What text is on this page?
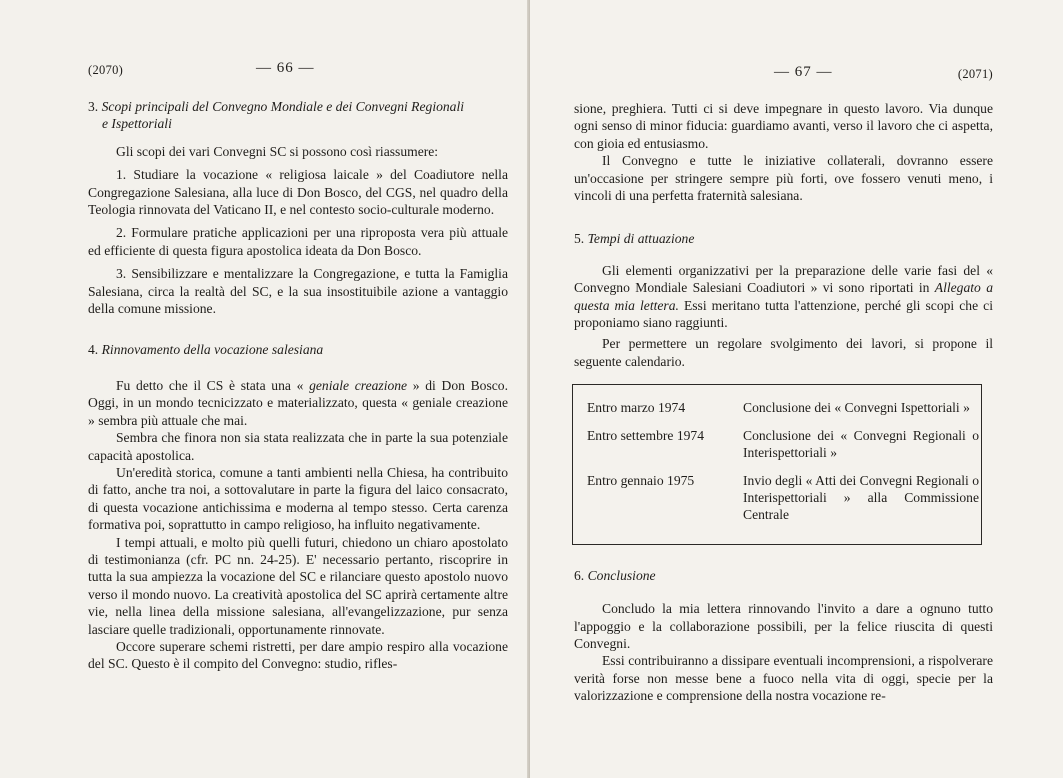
(2070)	— 66 —
3. Scopi principali del Convegno Mondiale e dei Convegni Regionali
e Ispettoriali

Gli scopi dei vari Convegni SC si possono così riassumere:

1. Studiare la vocazione « religiosa laicale » del Coadiutore nella Congregazione Salesiana, alla luce di Don Bosco, del CGS, nel quadro della Teologia rinnovata del Vaticano II, e nel contesto socio-culturale moderno.

2. Formulare pratiche applicazioni per una riproposta vera più attuale ed efficiente di questa figura apostolica ideata da Don Bosco.

3. Sensibilizzare e mentalizzare la Congregazione, e tutta la Famiglia Salesiana, circa la realtà del SC, e la sua insostituibile azione a vantaggio della comune missione.

4. Rinnovamento della vocazione salesiana

Fu detto che il CS è stata una « geniale creazione » di Don Bosco. Oggi, in un mondo tecnicizzato e materializzato, questa « geniale creazione » sembra più attuale che mai.

Sembra che finora non sia stata realizzata che in parte la sua potenziale capacità apostolica.

Un'eredità storica, comune a tanti ambienti nella Chiesa, ha contribuito di fatto, anche tra noi, a sottovalutare in parte la figura del laico consacrato, di questa vocazione antichissima e moderna al tempo stesso. Certa carenza formativa poi, soprattutto in campo religioso, ha influito negativamente.

I tempi attuali, e molto più quelli futuri, chiedono un chiaro apostolato di testimonianza (cfr. PC nn. 24-25). E' necessario pertanto, riscoprire in tutta la sua ampiezza la vocazione del SC e rilanciare questo apostolo nuovo verso il mondo nuovo. La creatività apostolica del SC aprirà certamente altre vie, nella linea della missione salesiana, all'evangelizzazione, pur senza lasciare quelle tradizionali, opportunamente rinnovate.

Occore superare schemi ristretti, per dare ampio respiro alla vocazione del SC. Questo è il compito del Convegno: studio, rifles-

— 67 —	(2071)

sione, preghiera. Tutti ci si deve impegnare in questo lavoro. Via dunque ogni senso di minor fiducia: guardiamo avanti, verso il lavoro che ci aspetta, con gioia ed entusiasmo.

Il Convegno e tutte le iniziative collaterali, dovranno essere un'occasione per stringere sempre più forti, ove fossero venuti meno, i vincoli di una perfetta fraternità salesiana.

5. Tempi di attuazione

Gli elementi organizzativi per la preparazione delle varie fasi del « Convegno Mondiale Salesiani Coadiutori » vi sono riportati in Allegato a questa mia lettera. Essi meritano tutta l'attenzione, perché gli scopi che ci proponiamo siano raggiunti.

Per permettere un regolare svolgimento dei lavori, si propone il seguente calendario.

Entro marzo 1974	Conclusione dei « Convegni Ispettoriali »
Entro settembre 1974	Conclusione dei « Convegni Regionali o Interispettoriali »
Entro gennaio 1975	Invio degli « Atti dei Convegni Regionali o Interispettoriali » alla Commissione Centrale
6. Conclusione

Concludo la mia lettera rinnovando l'invito a dare a ognuno tutto l'appoggio e la collaborazione possibili, per la felice riuscita di questi Convegni.

Essi contribuiranno a dissipare eventuali incomprensioni, a rispolverare verità forse non messe bene a fuoco nella vita di oggi, specie per la valorizzazione e comprensione della nostra vocazione re-
